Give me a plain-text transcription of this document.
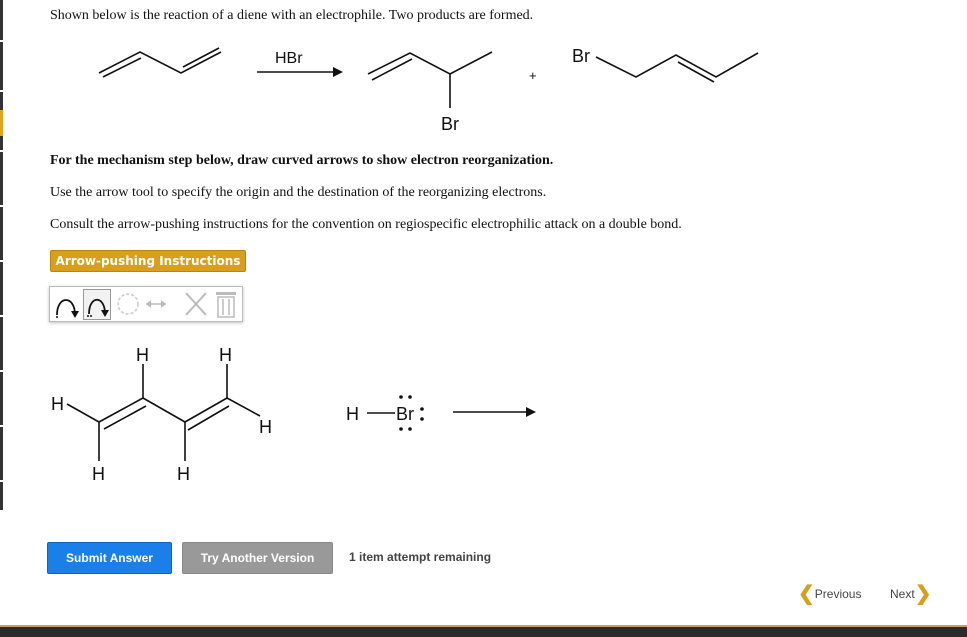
Shown below is the reaction of a diene with an electrophile. Two products are formed.
HBr
+
Br
Br
For the mechanism step below, draw curved arrows to show electron reorganization.
Use the arrow tool to specify the origin and the destination of the reorganizing electrons.
Consult the arrow-pushing instructions for the convention on regiospecific electrophilic attack on a double bond.
Arrow-pushing Instructions
H
H	H
H
H	H
H Br
Submit Answer	Try Another Version	1 item attempt remaining
❮ Previous Next ❯
